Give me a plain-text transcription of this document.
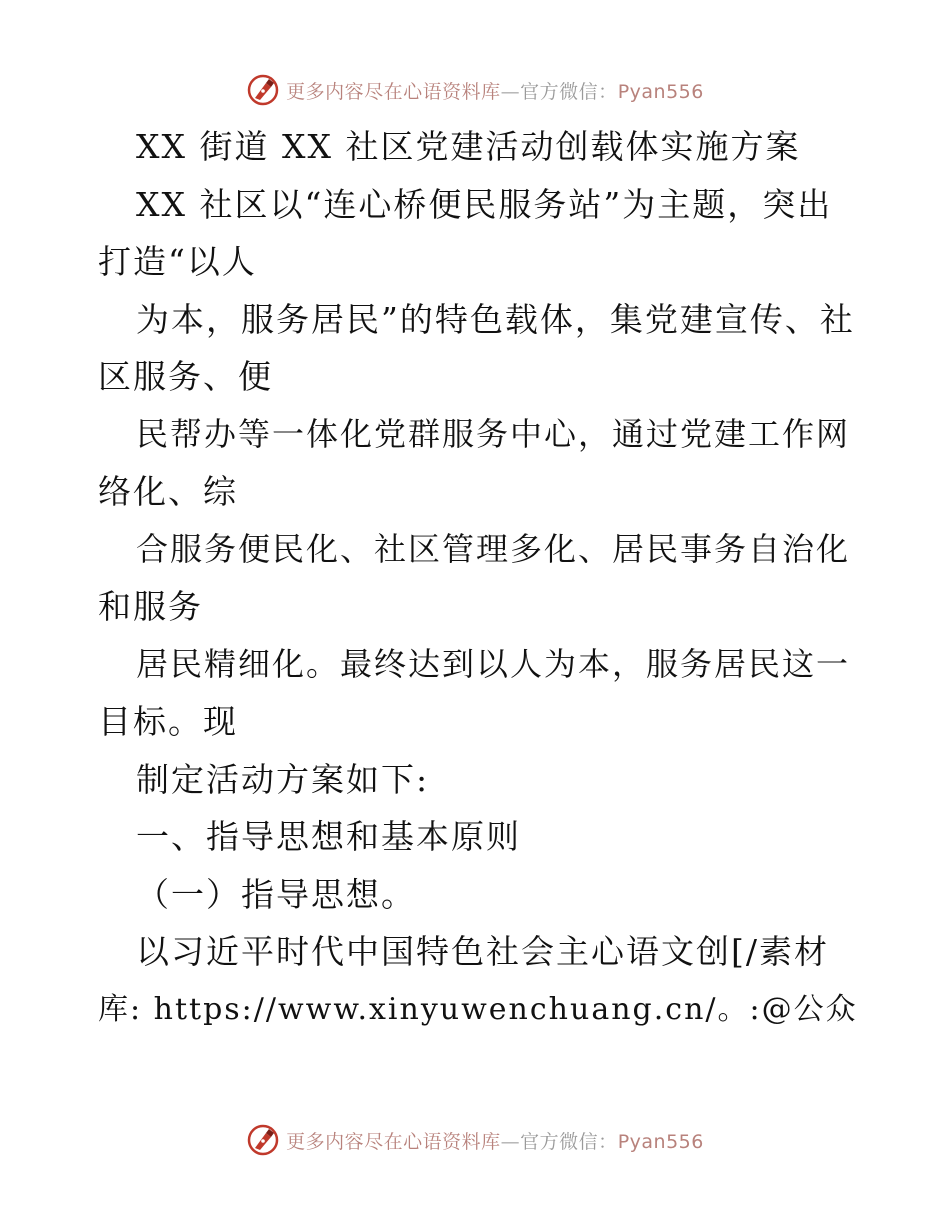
更多内容尽在心语资料库—官方微信：Pyan556
XX 街道 XX 社区党建活动创载体实施方案
XX 社区以“连心桥便民服务站”为主题，突出
打造“以人
为本，服务居民”的特色载体，集党建宣传、社
区服务、便
民帮办等一体化党群服务中心，通过党建工作网
络化、综
合服务便民化、社区管理多化、居民事务自治化
和服务
居民精细化。最终达到以人为本，服务居民这一
目标。现
制定活动方案如下:
一、指导思想和基本原则
（一）指导思想。
以习近平时代中国特色社会主心语文创[/素材
库: https://www.xinyuwenchuang.cn/。:@公众
更多内容尽在心语资料库—官方微信：Pyan556
